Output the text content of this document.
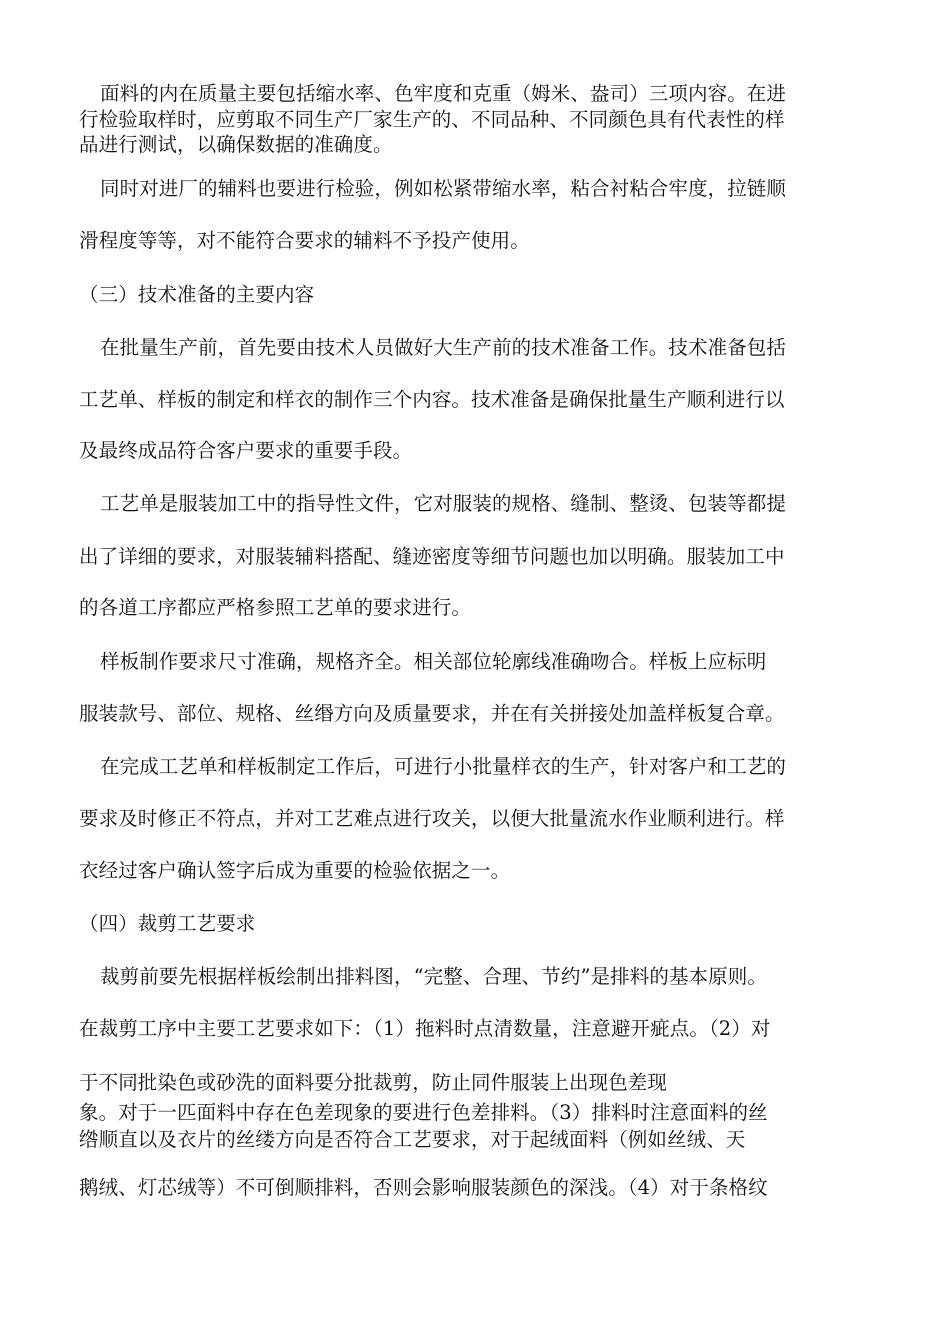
面料的内在质量主要包括缩水率、色牢度和克重（姆米、盎司）三项内容。在进
行检验取样时，应剪取不同生产厂家生产的、不同品种、不同颜色具有代表性的样
品进行测试，以确保数据的准确度。
同时对进厂的辅料也要进行检验，例如松紧带缩水率，粘合衬粘合牢度，拉链顺
滑程度等等，对不能符合要求的辅料不予投产使用。
（三）技术准备的主要内容
在批量生产前，首先要由技术人员做好大生产前的技术准备工作。技术准备包括
工艺单、样板的制定和样衣的制作三个内容。技术准备是确保批量生产顺利进行以
及最终成品符合客户要求的重要手段。
工艺单是服装加工中的指导性文件，它对服装的规格、缝制、整烫、包装等都提
出了详细的要求，对服装辅料搭配、缝迹密度等细节问题也加以明确。服装加工中
的各道工序都应严格参照工艺单的要求进行。
样板制作要求尺寸准确，规格齐全。相关部位轮廓线准确吻合。样板上应标明
服装款号、部位、规格、丝缗方向及质量要求，并在有关拼接处加盖样板复合章。
在完成工艺单和样板制定工作后，可进行小批量样衣的生产，针对客户和工艺的
要求及时修正不符点，并对工艺难点进行攻关，以便大批量流水作业顺利进行。样
衣经过客户确认签字后成为重要的检验依据之一。
（四）裁剪工艺要求
裁剪前要先根据样板绘制出排料图，“完整、合理、节约”是排料的基本原则。
在裁剪工序中主要工艺要求如下：（1）拖料时点清数量，注意避开疵点。（2）对
于不同批染色或砂洗的面料要分批裁剪，防止同件服装上出现色差现
象。对于一匹面料中存在色差现象的要进行色差排料。（3）排料时注意面料的丝
绺顺直以及衣片的丝缕方向是否符合工艺要求，对于起绒面料（例如丝绒、天
鹅绒、灯芯绒等）不可倒顺排料，否则会影响服装颜色的深浅。（4）对于条格纹
